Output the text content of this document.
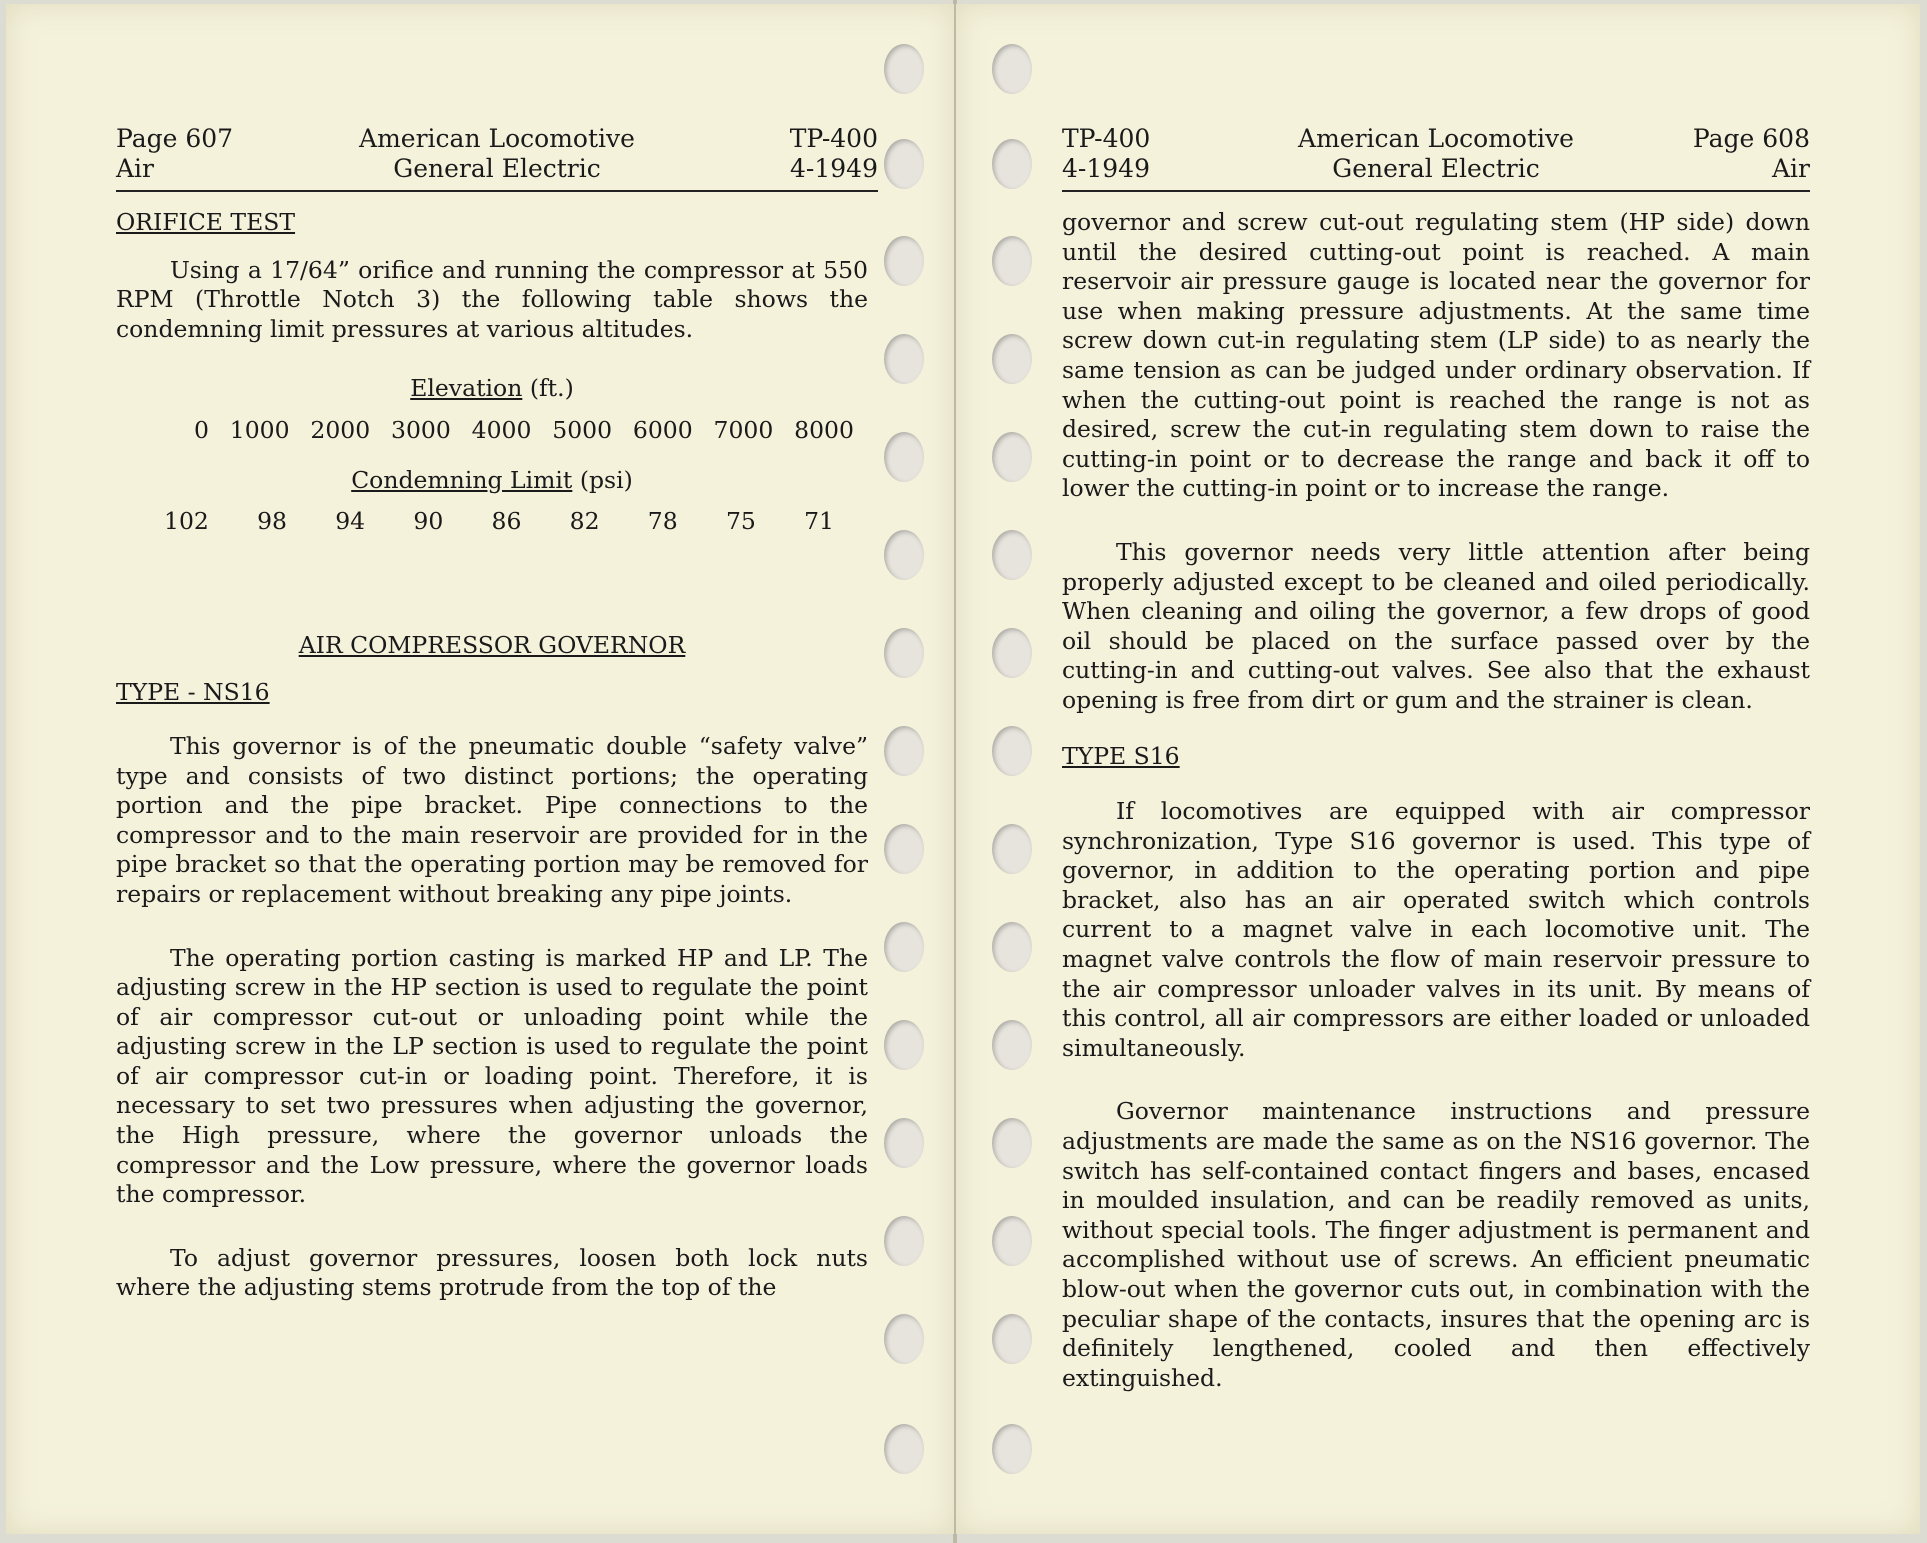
Page 607
Air
American Locomotive
General Electric
TP-400
4-1949
ORIFICE TEST

Using a 17/64” orifice and running the compressor at 550 RPM (Throttle Notch 3) the following table shows the condemning limit pressures at various altitudes.

Elevation (ft.)
0 1000 2000 3000 4000 5000 6000 7000 8000
Condemning Limit (psi)
102 98 94 90 86 82 78 75 71
AIR COMPRESSOR GOVERNOR
TYPE - NS16

This governor is of the pneumatic double “safety valve” type and consists of two distinct portions; the operating portion and the pipe bracket. Pipe connections to the compressor and to the main reservoir are provided for in the pipe bracket so that the operating portion may be removed for repairs or replacement without breaking any pipe joints.

The operating portion casting is marked HP and LP. The adjusting screw in the HP section is used to regulate the point of air compressor cut-out or unloading point while the adjusting screw in the LP section is used to regulate the point of air compressor cut-in or loading point. Therefore, it is necessary to set two pressures when adjusting the governor, the High pressure, where the governor unloads the compressor and the Low pressure, where the governor loads the compressor.

To adjust governor pressures, loosen both lock nuts where the adjusting stems protrude from the top of the

TP-400
4-1949
American Locomotive
General Electric
Page 608
Air

governor and screw cut-out regulating stem (HP side) down until the desired cutting-out point is reached. A main reservoir air pressure gauge is located near the governor for use when making pressure adjustments. At the same time screw down cut-in regulating stem (LP side) to as nearly the same tension as can be judged under ordinary observation. If when the cutting-out point is reached the range is not as desired, screw the cut-in regulating stem down to raise the cutting-in point or to decrease the range and back it off to lower the cutting-in point or to increase the range.

This governor needs very little attention after being properly adjusted except to be cleaned and oiled periodically. When cleaning and oiling the governor, a few drops of good oil should be placed on the surface passed over by the cutting-in and cutting-out valves. See also that the exhaust opening is free from dirt or gum and the strainer is clean.

TYPE S16

If locomotives are equipped with air compressor synchronization, Type S16 governor is used. This type of governor, in addition to the operating portion and pipe bracket, also has an air operated switch which controls current to a magnet valve in each locomotive unit. The magnet valve controls the flow of main reservoir pressure to the air compressor unloader valves in its unit. By means of this control, all air compressors are either loaded or unloaded simultaneously.

Governor maintenance instructions and pressure adjustments are made the same as on the NS16 governor. The switch has self-contained contact fingers and bases, encased in moulded insulation, and can be readily removed as units, without special tools. The finger adjustment is permanent and accomplished without use of screws. An efficient pneumatic blow-out when the governor cuts out, in combination with the peculiar shape of the contacts, insures that the opening arc is definitely lengthened, cooled and then effectively extinguished.
